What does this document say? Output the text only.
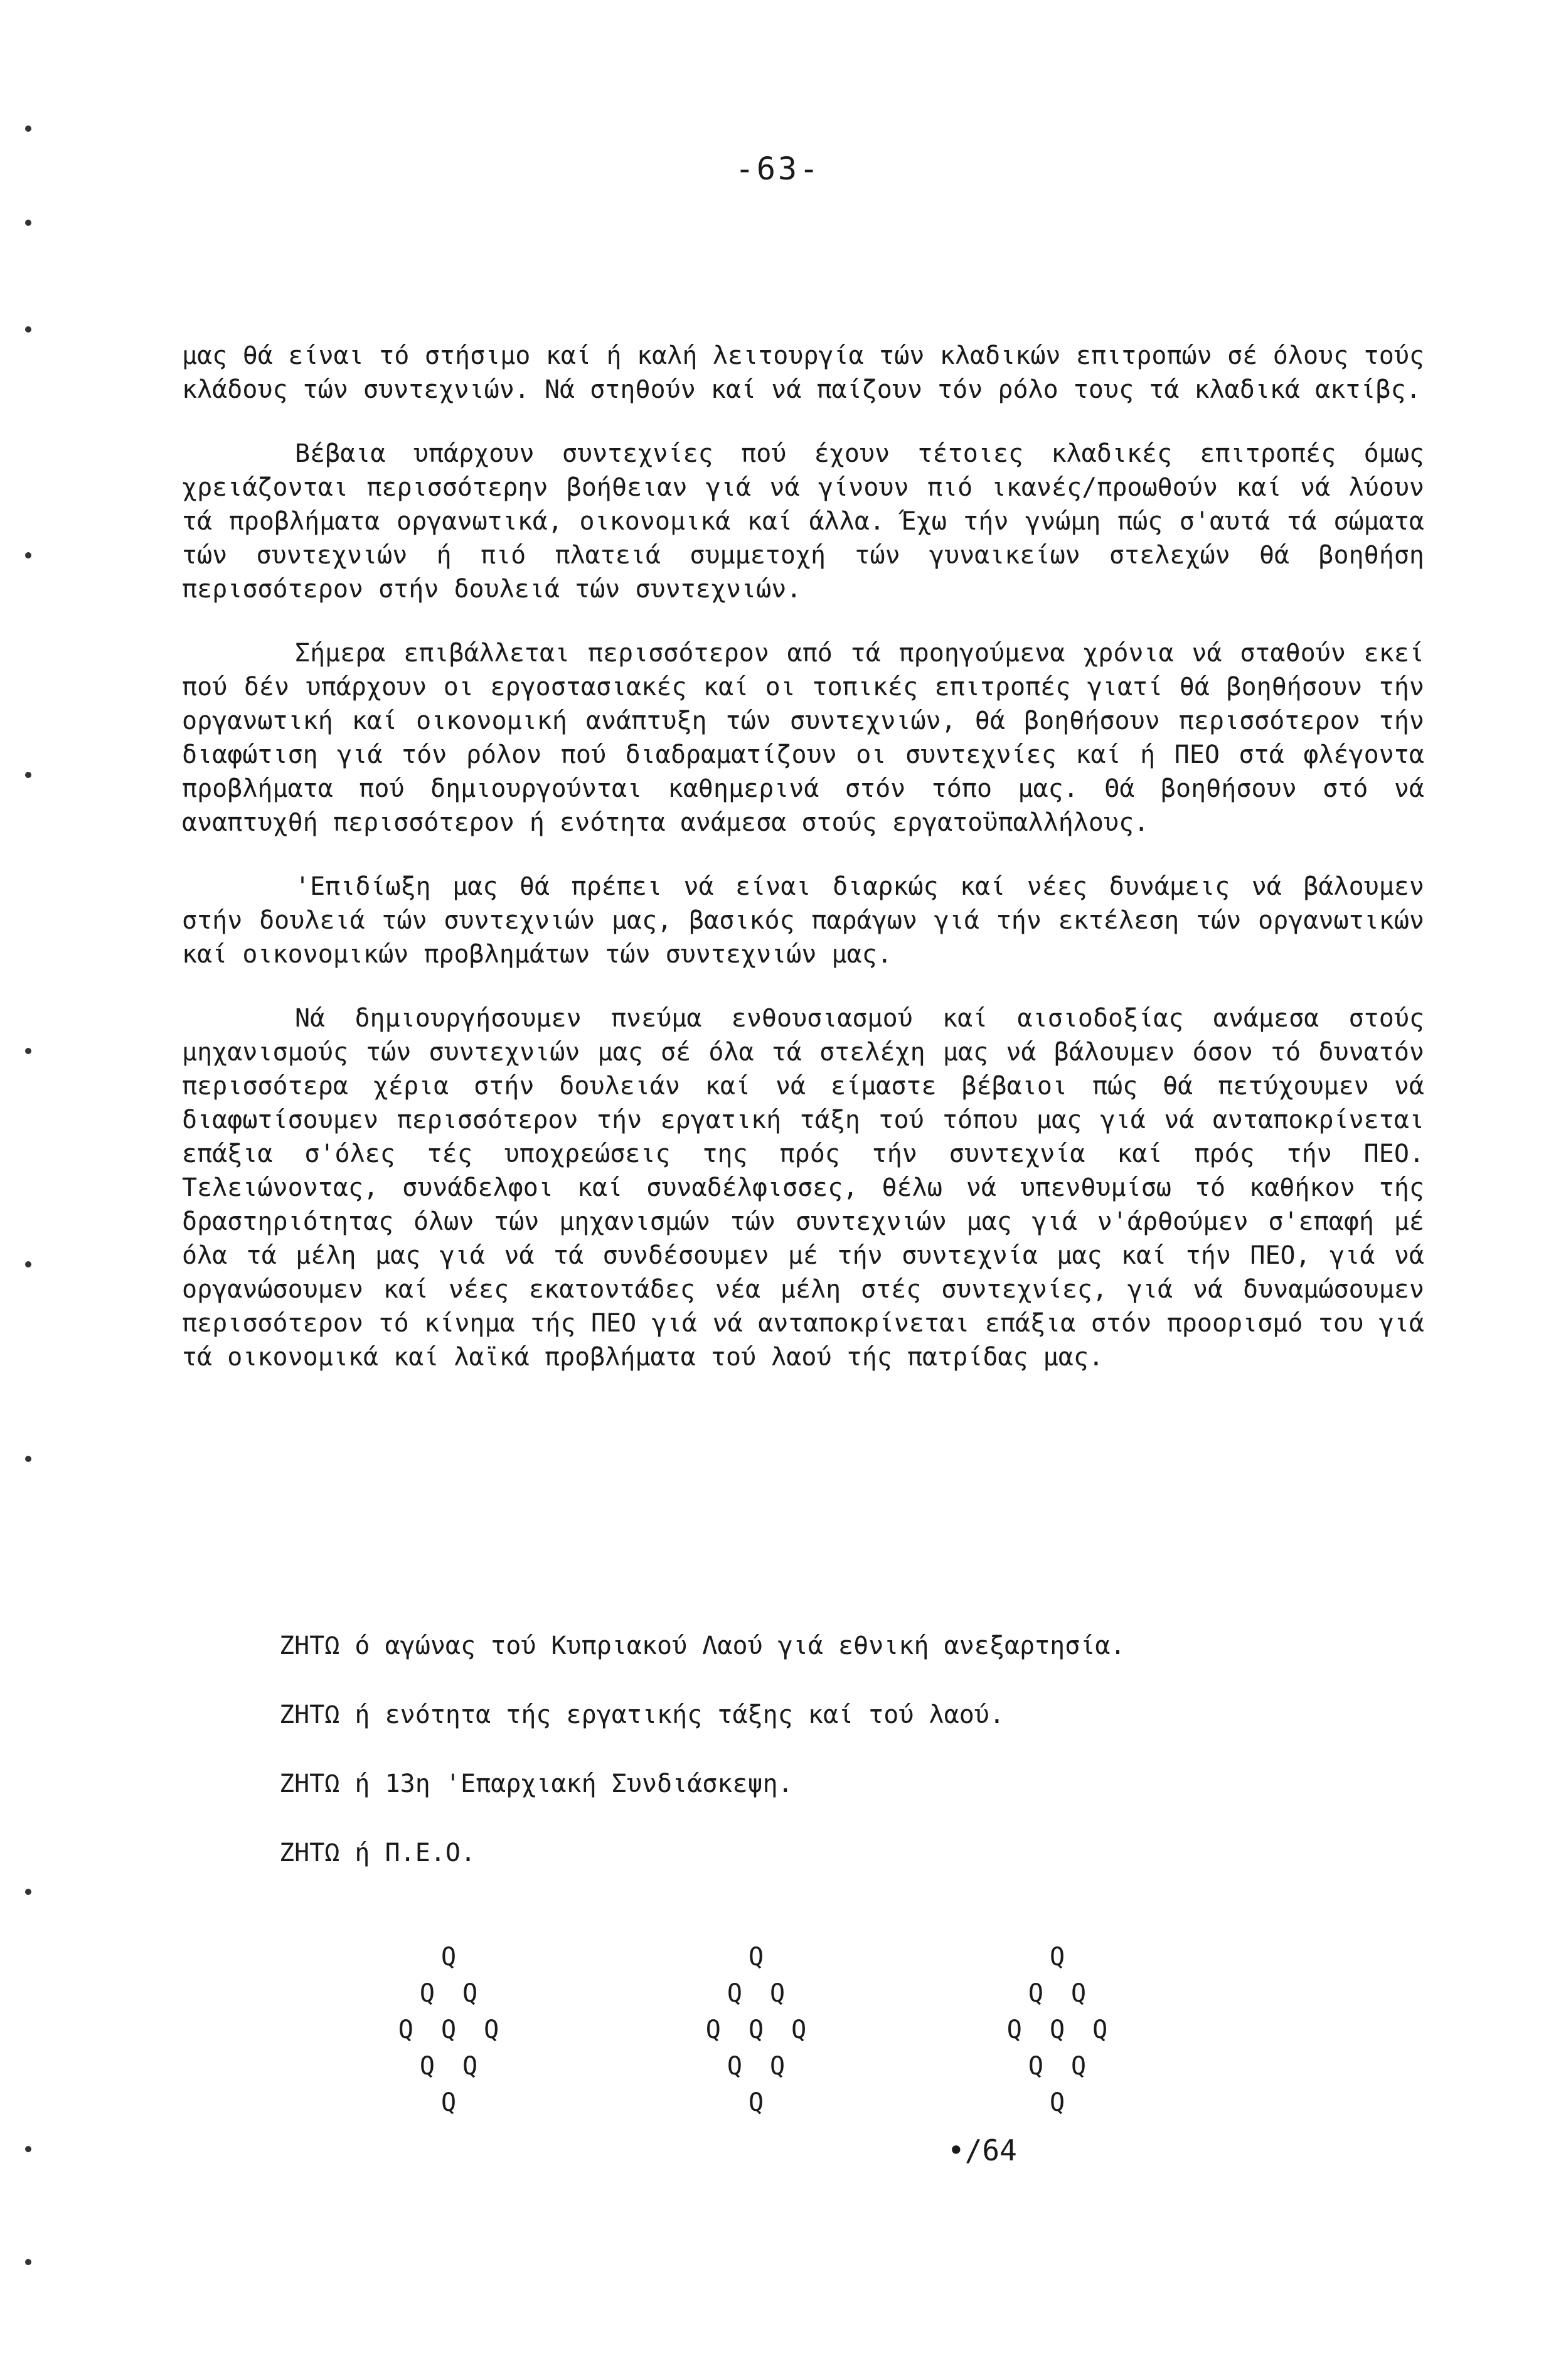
-63-

μας θά είναι τό στήσιμο καί ή καλή λειτουργία τών κλαδικών επιτροπών σέ όλους τούς κλάδους τών συντεχνιών. Νά στηθούν καί νά παίζουν τόν ρόλο τους τά κλαδικά ακτίβς.

Βέβαια υπάρχουν συντεχνίες πού έχουν τέτοιες κλαδικές επιτροπές όμως χρειάζονται περισσότερην βοήθειαν γιά νά γίνουν πιό ικανές/προωθούν καί νά λύουν τά προβλήματα οργανωτικά, οικονομικά καί άλλα. Έχω τήν γνώμη πώς σ'αυτά τά σώματα τών συντεχνιών ή πιό πλατειά συμμετοχή τών γυναικείων στελεχών θά βοηθήση περισσότερον στήν δουλειά τών συντεχνιών.

Σήμερα επιβάλλεται περισσότερον από τά προηγούμενα χρόνια νά σταθούν εκεί πού δέν υπάρχουν οι εργοστασιακές καί οι τοπικές επιτροπές γιατί θά βοηθήσουν τήν οργανωτική καί οικονομική ανάπτυξη τών συντεχνιών, θά βοηθήσουν περισσότερον τήν διαφώτιση γιά τόν ρόλον πού διαδραματίζουν οι συντεχνίες καί ή ΠΕΟ στά φλέγοντα προβλήματα πού δημιουργούνται καθημερινά στόν τόπο μας. Θά βοηθήσουν στό νά αναπτυχθή περισσότερον ή ενότητα ανάμεσα στούς εργατοϋπαλλήλους.

'Επιδίωξη μας θά πρέπει νά είναι διαρκώς καί νέες δυνάμεις νά βάλουμεν στήν δουλειά τών συντεχνιών μας, βασικός παράγων γιά τήν εκτέλεση τών οργανωτικών καί οικονομικών προβλημάτων τών συντεχνιών μας.

Νά δημιουργήσουμεν πνεύμα ενθουσιασμού καί αισιοδοξίας ανάμεσα στούς μηχανισμούς τών συντεχνιών μας σέ όλα τά στελέχη μας νά βάλουμεν όσον τό δυνατόν περισσότερα χέρια στήν δουλειάν καί νά είμαστε βέβαιοι πώς θά πετύχουμεν νά διαφωτίσουμεν περισσότερον τήν εργατική τάξη τού τόπου μας γιά νά ανταποκρίνεται επάξια σ'όλες τές υποχρεώσεις της πρός τήν συντεχνία καί πρός τήν ΠΕΟ. Τελειώνοντας, συνάδελφοι καί συναδέλφισσες, θέλω νά υπενθυμίσω τό καθήκον τής δραστηριότητας όλων τών μηχανισμών τών συντεχνιών μας γιά ν'άρθούμεν σ'επαφή μέ όλα τά μέλη μας γιά νά τά συνδέσουμεν μέ τήν συντεχνία μας καί τήν ΠΕΟ, γιά νά οργανώσουμεν καί νέες εκατοντάδες νέα μέλη στές συντεχνίες, γιά νά δυναμώσουμεν περισσότερον τό κίνημα τής ΠΕΟ γιά νά ανταποκρίνεται επάξια στόν προορισμό του γιά τά οικονομικά καί λαϊκά προβλήματα τού λαού τής πατρίδας μας.

ΖΗΤΩ ό αγώνας τού Κυπριακού Λαού γιά εθνική ανεξαρτησία.
ΖΗΤΩ ή ενότητα τής εργατικής τάξης καί τού λαού.
ΖΗΤΩ ή 13η 'Επαρχιακή Συνδιάσκεψη.
ΖΗΤΩ ή Π.Ε.Ο.
Q
Q Q
Q Q Q
Q Q
Q
Q
Q Q
Q Q Q
Q Q
Q
Q
Q Q
Q Q Q
Q Q
Q
•/64
